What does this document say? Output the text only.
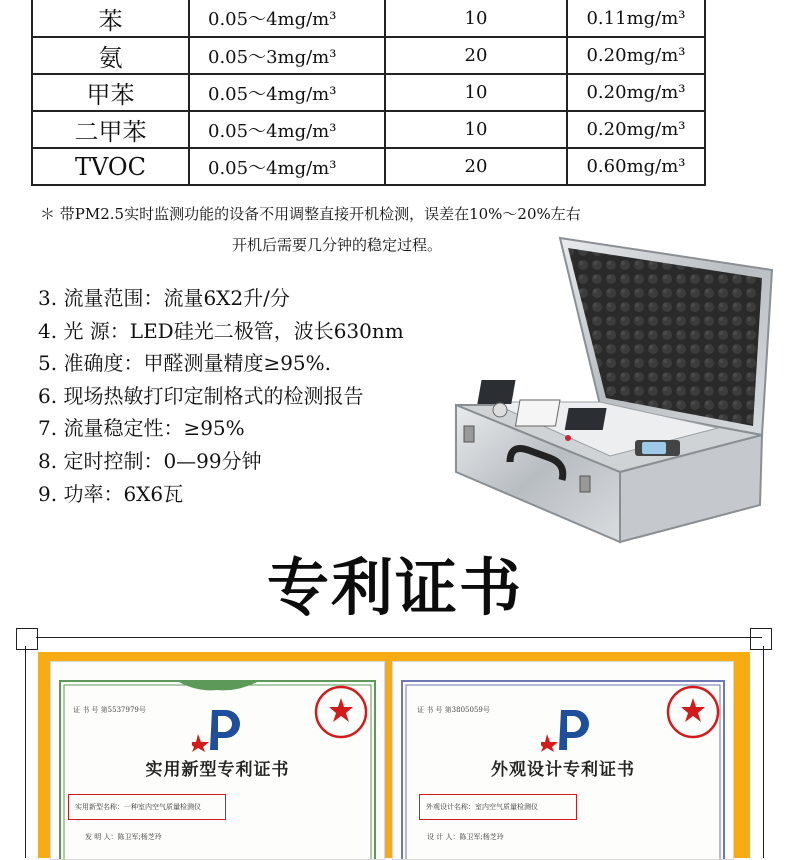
苯	0.05～4mg/m³	10	0.11mg/m³
氨	0.05～3mg/m³	20	0.20mg/m³
甲苯	0.05～4mg/m³	10	0.20mg/m³
二甲苯	0.05～4mg/m³	10	0.20mg/m³
TVOC	0.05～4mg/m³	20	0.60mg/m³
＊ 带PM2.5实时监测功能的设备不用调整直接开机检测，误差在10%～20%左右
开机后需要几分钟的稳定过程。
3. 流量范围：流量6X2升/分
4. 光 源：LED硅光二极管，波长630nm
5. 准确度：甲醛测量精度≥95%.
6. 现场热敏打印定制格式的检测报告
7. 流量稳定性：≥95%
8. 定时控制：0—99分钟
9. 功率：6X6瓦
专利证书
证 书 号 第5537979号
实用新型专利证书
实用新型名称：一种室内空气质量检测仪
发 明 人：陈卫军;杨芝玲
证 书 号 第3805059号
外观设计专利证书
外观设计名称：室内空气质量检测仪
设 计 人：陈卫军;杨芝玲
